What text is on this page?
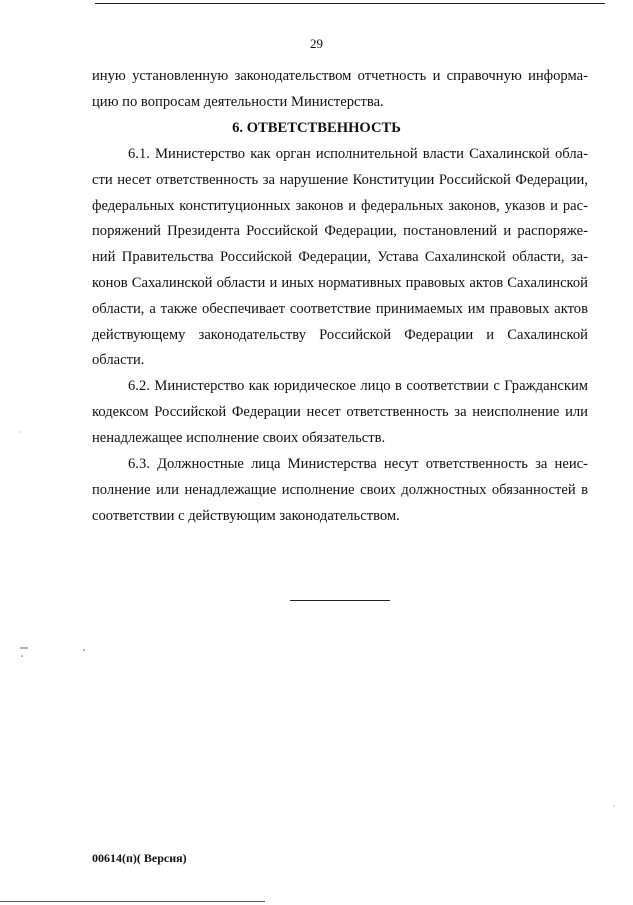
29
иную установленную законодательством отчетность и справочную информацию по вопросам деятельности Министерства.
6. ОТВЕТСТВЕННОСТЬ
6.1. Министерство как орган исполнительной власти Сахалинской области несет ответственность за нарушение Конституции Российской Федерации, федеральных конституционных законов и федеральных законов, указов и распоряжений Президента Российской Федерации, постановлений и распоряжений Правительства Российской Федерации, Устава Сахалинской области, законов Сахалинской области и иных нормативных правовых актов Сахалинской области, а также обеспечивает соответствие принимаемых им правовых актов действующему законодательству Российской Федерации и Сахалинской области.
6.2. Министерство как юридическое лицо в соответствии с Гражданским кодексом Российской Федерации несет ответственность за неисполнение или ненадлежащее исполнение своих обязательств.
6.3. Должностные лица Министерства несут ответственность за неисполнение или ненадлежащие исполнение своих должностных обязанностей в соответствии с действующим законодательством.
00614(п)( Версия)
